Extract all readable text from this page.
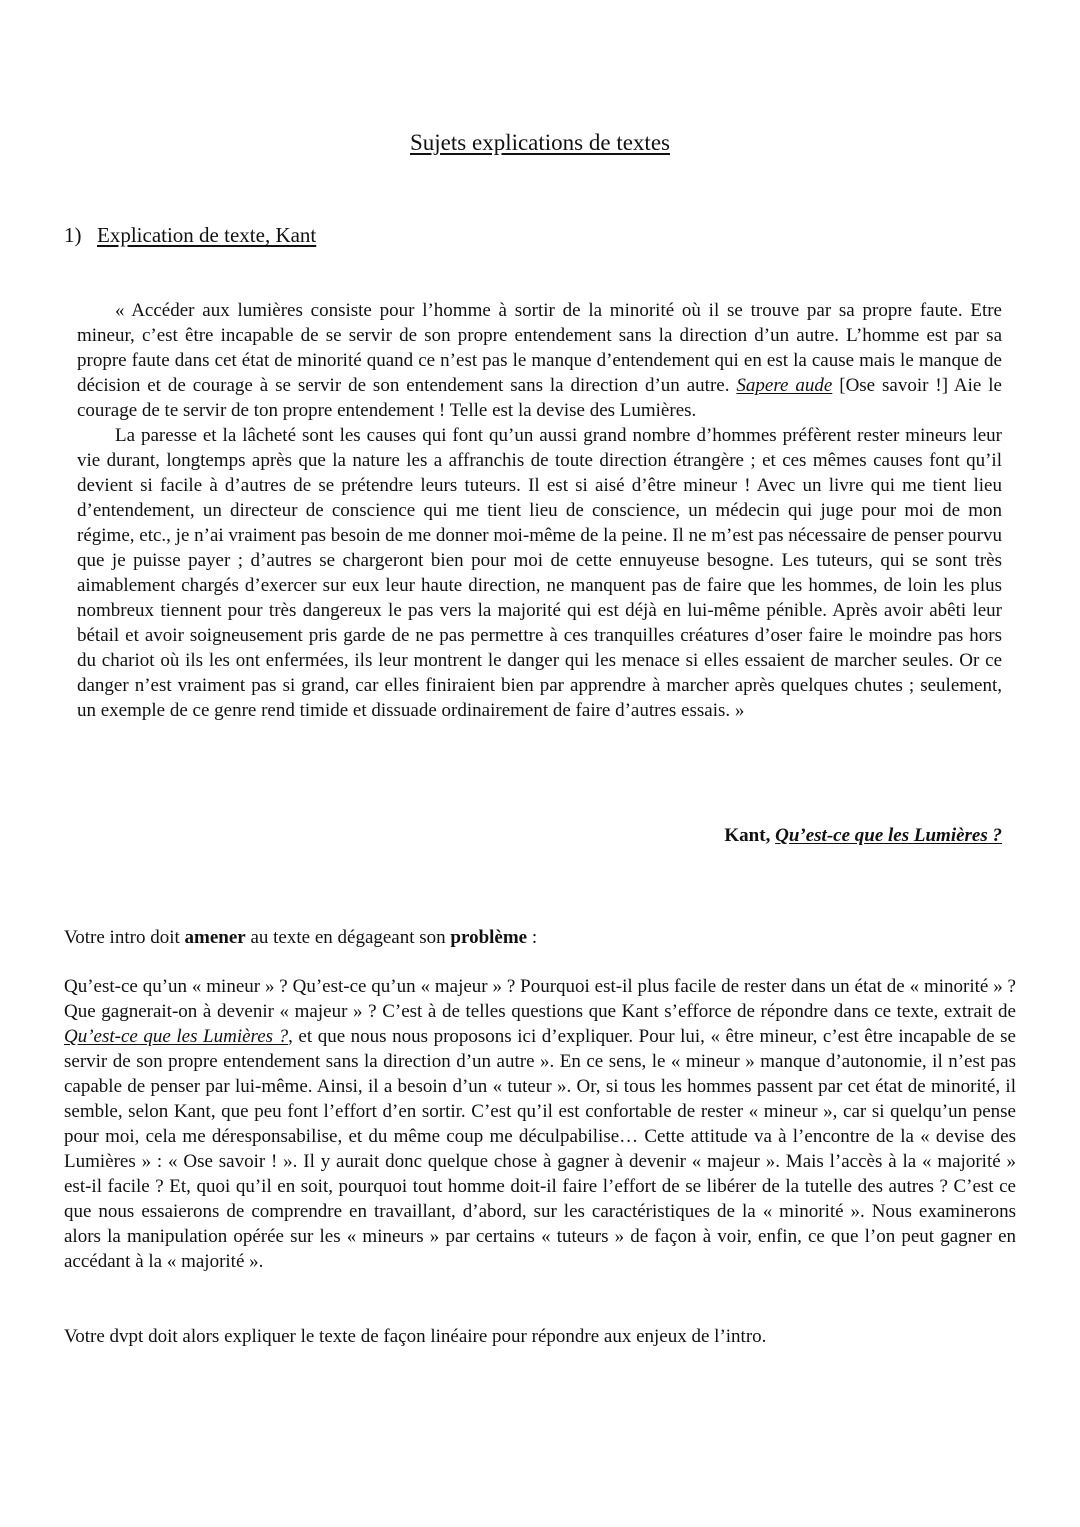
Sujets explications de textes
1) Explication de texte, Kant

« Accéder aux lumières consiste pour l’homme à sortir de la minorité où il se trouve par sa propre faute. Etre mineur, c’est être incapable de se servir de son propre entendement sans la direction d’un autre. L’homme est par sa propre faute dans cet état de minorité quand ce n’est pas le manque d’entendement qui en est la cause mais le manque de décision et de courage à se servir de son entendement sans la direction d’un autre. Sapere aude [Ose savoir !] Aie le courage de te servir de ton propre entendement ! Telle est la devise des Lumières.

La paresse et la lâcheté sont les causes qui font qu’un aussi grand nombre d’hommes préfèrent rester mineurs leur vie durant, longtemps après que la nature les a affranchis de toute direction étrangère ; et ces mêmes causes font qu’il devient si facile à d’autres de se prétendre leurs tuteurs. Il est si aisé d’être mineur ! Avec un livre qui me tient lieu d’entendement, un directeur de conscience qui me tient lieu de conscience, un médecin qui juge pour moi de mon régime, etc., je n’ai vraiment pas besoin de me donner moi-même de la peine. Il ne m’est pas nécessaire de penser pourvu que je puisse payer ; d’autres se chargeront bien pour moi de cette ennuyeuse besogne. Les tuteurs, qui se sont très aimablement chargés d’exercer sur eux leur haute direction, ne manquent pas de faire que les hommes, de loin les plus nombreux tiennent pour très dangereux le pas vers la majorité qui est déjà en lui-même pénible. Après avoir abêti leur bétail et avoir soigneusement pris garde de ne pas permettre à ces tranquilles créatures d’oser faire le moindre pas hors du chariot où ils les ont enfermées, ils leur montrent le danger qui les menace si elles essaient de marcher seules. Or ce danger n’est vraiment pas si grand, car elles finiraient bien par apprendre à marcher après quelques chutes ; seulement, un exemple de ce genre rend timide et dissuade ordinairement de faire d’autres essais. »

Kant, Qu’est-ce que les Lumières ?

Votre intro doit amener au texte en dégageant son problème :

Qu’est-ce qu’un « mineur » ? Qu’est-ce qu’un « majeur » ? Pourquoi est-il plus facile de rester dans un état de « minorité » ? Que gagnerait-on à devenir « majeur » ? C’est à de telles questions que Kant s’efforce de répondre dans ce texte, extrait de Qu’est-ce que les Lumières ?, et que nous nous proposons ici d’expliquer. Pour lui, « être mineur, c’est être incapable de se servir de son propre entendement sans la direction d’un autre ». En ce sens, le « mineur » manque d’autonomie, il n’est pas capable de penser par lui-même. Ainsi, il a besoin d’un « tuteur ». Or, si tous les hommes passent par cet état de minorité, il semble, selon Kant, que peu font l’effort d’en sortir. C’est qu’il est confortable de rester « mineur », car si quelqu’un pense pour moi, cela me déresponsabilise, et du même coup me déculpabilise… Cette attitude va à l’encontre de la « devise des Lumières » : « Ose savoir ! ». Il y aurait donc quelque chose à gagner à devenir « majeur ». Mais l’accès à la « majorité » est-il facile ? Et, quoi qu’il en soit, pourquoi tout homme doit-il faire l’effort de se libérer de la tutelle des autres ? C’est ce que nous essaierons de comprendre en travaillant, d’abord, sur les caractéristiques de la « minorité ». Nous examinerons alors la manipulation opérée sur les « mineurs » par certains « tuteurs » de façon à voir, enfin, ce que l’on peut gagner en accédant à la « majorité ».

Votre dvpt doit alors expliquer le texte de façon linéaire pour répondre aux enjeux de l’intro.
